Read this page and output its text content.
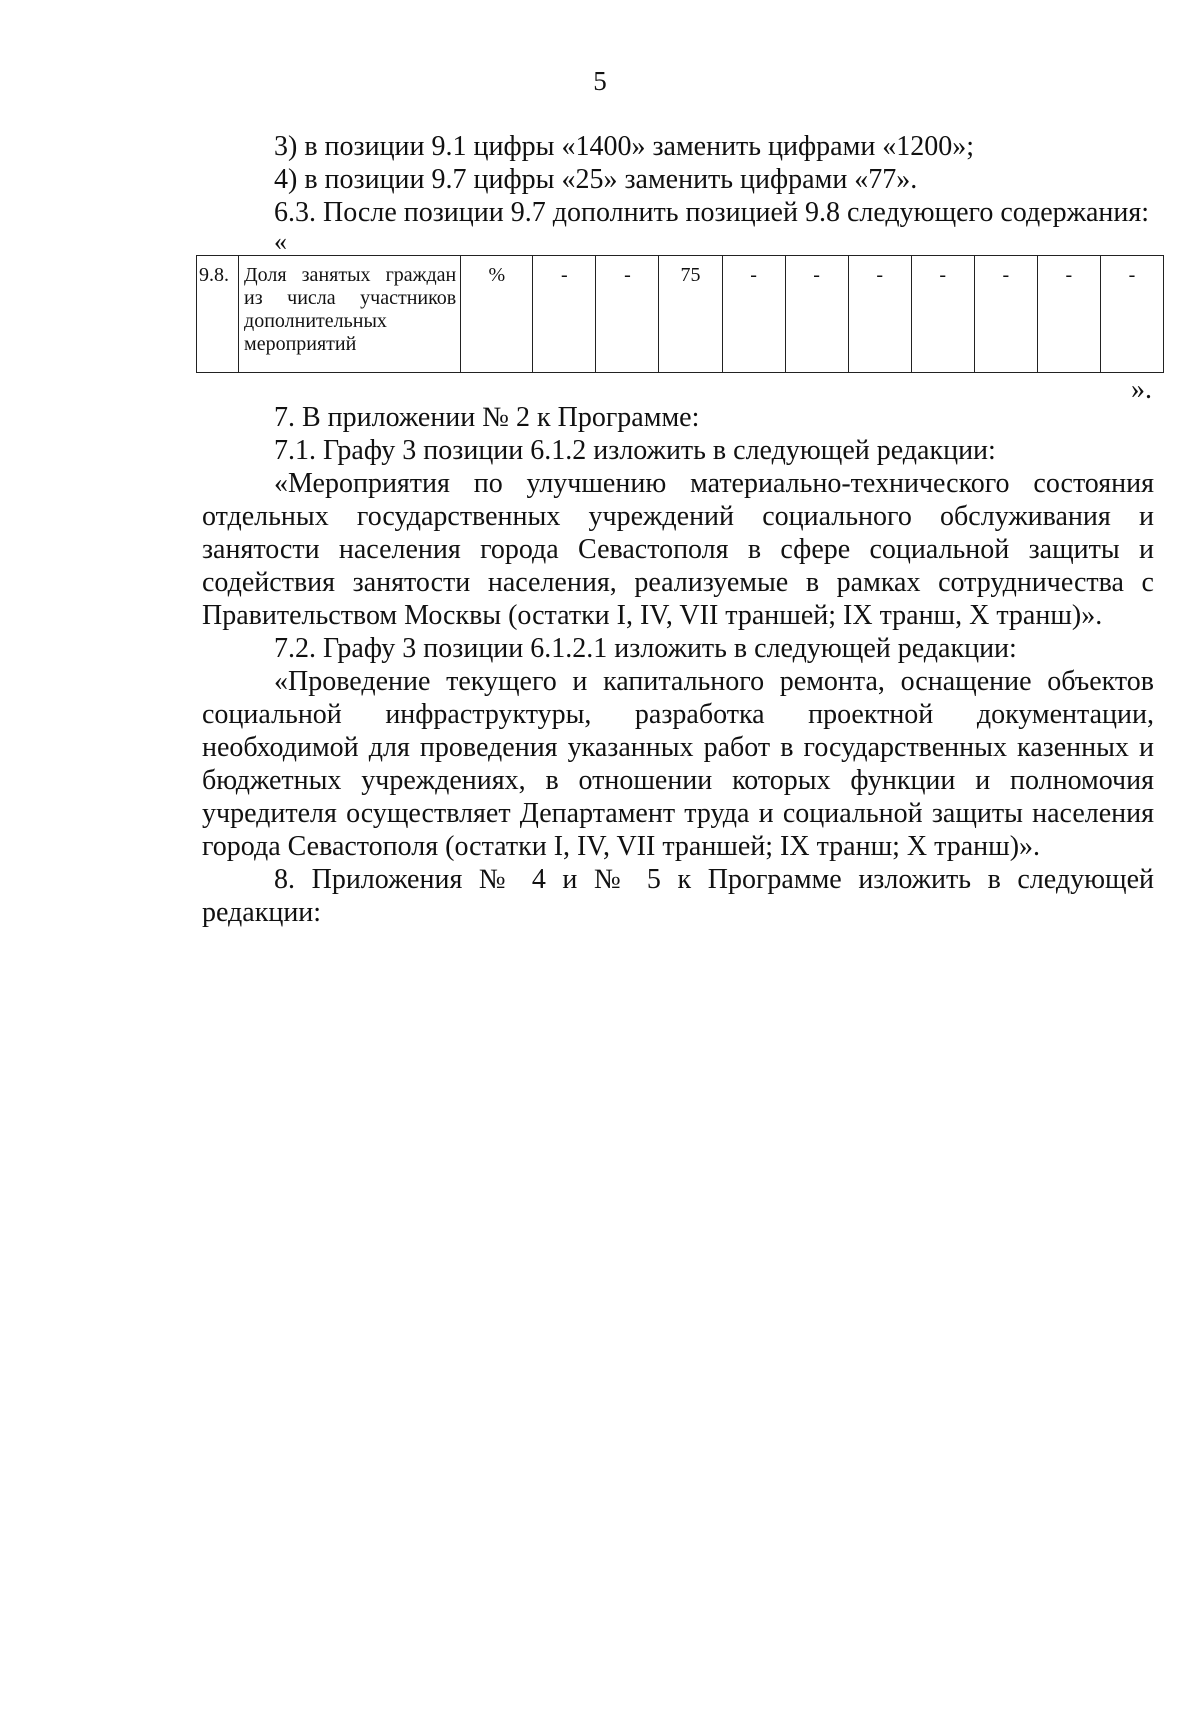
5

3) в позиции 9.1 цифры «1400» заменить цифрами «1200»;

4) в позиции 9.7 цифры «25» заменить цифрами «77».

6.3. После позиции 9.7 дополнить позицией 9.8 следующего содержания:

«

9.8.	Доля занятых граждан из числа участников дополнительных мероприятий	%	-	-	75	-	-	-	-	-	-	-

».

7. В приложении № 2 к Программе:

7.1. Графу 3 позиции 6.1.2 изложить в следующей редакции:

«Мероприятия по улучшению материально-технического состояния отдельных государственных учреждений социального обслуживания и занятости населения города Севастополя в сфере социальной защиты и содействия занятости населения, реализуемые в рамках сотрудничества с Правительством Москвы (остатки I, IV, VII траншей; IX транш, X транш)».

7.2. Графу 3 позиции 6.1.2.1 изложить в следующей редакции:

«Проведение текущего и капитального ремонта, оснащение объектов социальной инфраструктуры, разработка проектной документации, необходимой для проведения указанных работ в государственных казенных и бюджетных учреждениях, в отношении которых функции и полномочия учредителя осуществляет Департамент труда и социальной защиты населения города Севастополя (остатки I, IV, VII траншей; IX транш; X транш)».

8. Приложения № 4 и № 5 к Программе изложить в следующей редакции:
